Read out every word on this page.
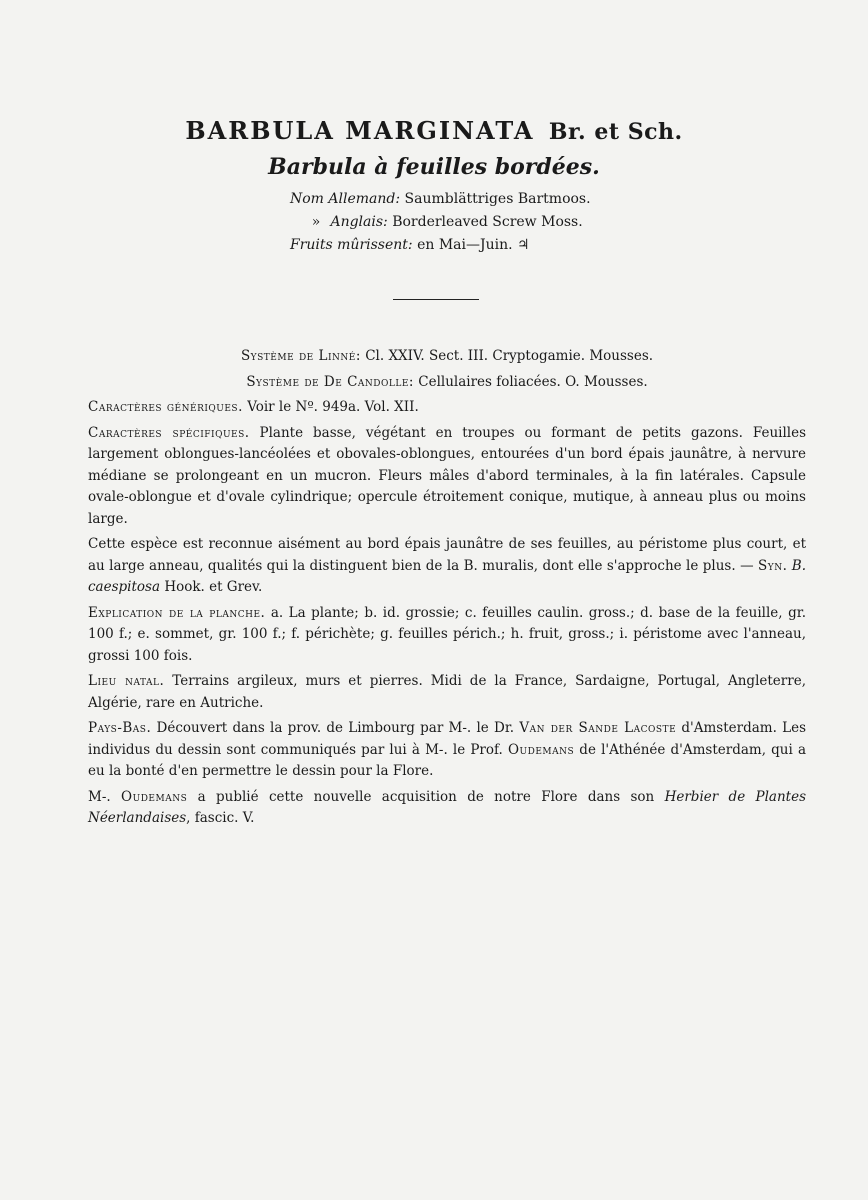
BARBULA MARGINATA Br. et Sch.
Barbula à feuilles bordées.
Nom Allemand: Saumblättriges Bartmoos.
» Anglais: Borderleaved Screw Moss.
Fruits mûrissent: en Mai—Juin. ♃

Système de Linné: Cl. XXIV. Sect. III. Cryptogamie. Mousses.

Système de De Candolle: Cellulaires foliacées. O. Mousses.

Caractères génériques. Voir le Nº. 949a. Vol. XII.

Caractères spécifiques. Plante basse, végétant en troupes ou formant de petits gazons. Feuilles largement oblongues-lancéolées et obovales-oblongues, entourées d'un bord épais jaunâtre, à nervure médiane se prolongeant en un mucron. Fleurs mâles d'abord terminales, à la fin latérales. Capsule ovale-oblongue et d'ovale cylindrique; opercule étroitement conique, mutique, à anneau plus ou moins large.

Cette espèce est reconnue aisément au bord épais jaunâtre de ses feuilles, au péristome plus court, et au large anneau, qualités qui la distinguent bien de la B. muralis, dont elle s'approche le plus. — Syn. B. caespitosa Hook. et Grev.

Explication de la planche. a. La plante; b. id. grossie; c. feuilles caulin. gross.; d. base de la feuille, gr. 100 f.; e. sommet, gr. 100 f.; f. périchète; g. feuilles périch.; h. fruit, gross.; i. péristome avec l'anneau, grossi 100 fois.

Lieu natal. Terrains argileux, murs et pierres. Midi de la France, Sardaigne, Portugal, Angleterre, Algérie, rare en Autriche.

Pays-Bas. Découvert dans la prov. de Limbourg par M-. le Dr. Van der Sande Lacoste d'Amsterdam. Les individus du dessin sont communiqués par lui à M-. le Prof. Oudemans de l'Athénée d'Amsterdam, qui a eu la bonté d'en permettre le dessin pour la Flore.

M-. Oudemans a publié cette nouvelle acquisition de notre Flore dans son Herbier de Plantes Néerlandaises, fascic. V.
